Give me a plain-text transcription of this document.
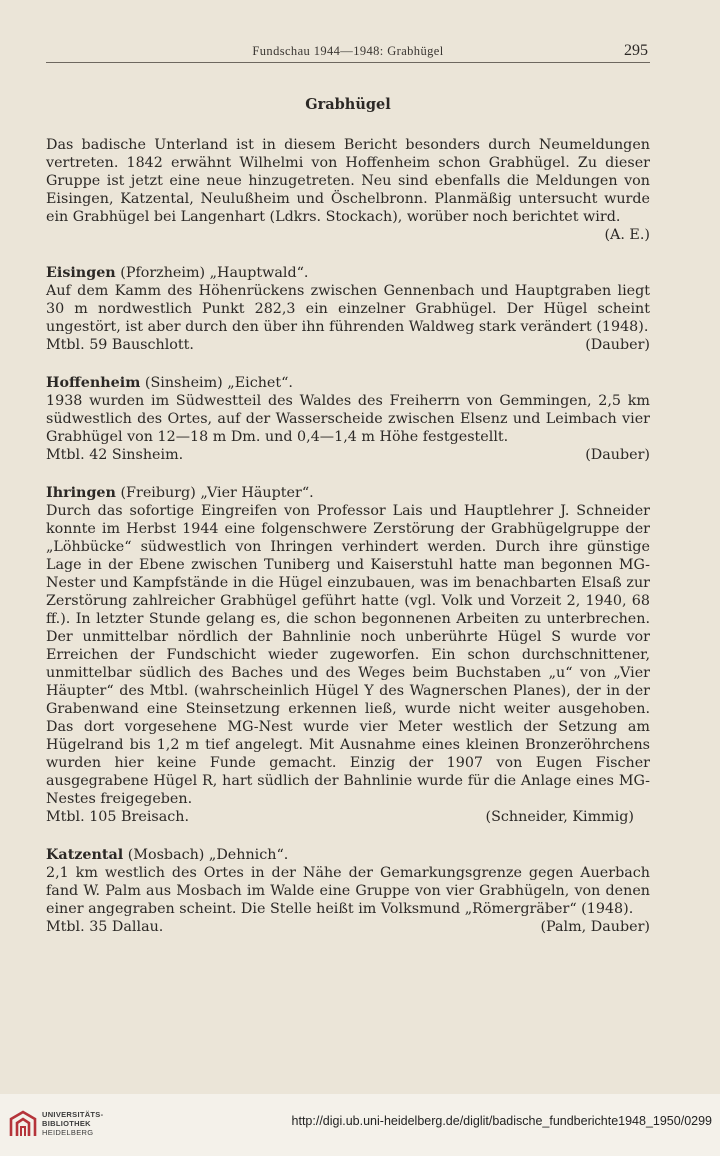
Fundschau 1944—1948: Grabhügel	295
Grabhügel

Das badische Unterland ist in diesem Bericht besonders durch Neumeldungen vertreten. 1842 erwähnt Wilhelmi von Hoffenheim schon Grabhügel. Zu dieser Gruppe ist jetzt eine neue hinzugetreten. Neu sind ebenfalls die Meldungen von Eisingen, Katzental, Neulußheim und Öschelbronn. Planmäßig untersucht wurde ein Grabhügel bei Langenhart (Ldkrs. Stockach), worüber noch berichtet wird.

(A. E.)
Eisingen (Pforzheim) „Hauptwald“.

Auf dem Kamm des Höhenrückens zwischen Gennenbach und Hauptgraben liegt 30 m nordwestlich Punkt 282,3 ein einzelner Grabhügel. Der Hügel scheint ungestört, ist aber durch den über ihn führenden Waldweg stark verändert (1948).

Mtbl. 59 Bauschlott.	(Dauber)
Hoffenheim (Sinsheim) „Eichet“.

1938 wurden im Südwestteil des Waldes des Freiherrn von Gemmingen, 2,5 km südwestlich des Ortes, auf der Wasserscheide zwischen Elsenz und Leimbach vier Grabhügel von 12—18 m Dm. und 0,4—1,4 m Höhe festgestellt.

Mtbl. 42 Sinsheim.	(Dauber)
Ihringen (Freiburg) „Vier Häupter“.

Durch das sofortige Eingreifen von Professor Lais und Hauptlehrer J. Schneider konnte im Herbst 1944 eine folgenschwere Zerstörung der Grabhügelgruppe der „Löhbücke“ südwestlich von Ihringen verhindert werden. Durch ihre günstige Lage in der Ebene zwischen Tuniberg und Kaiserstuhl hatte man begonnen MG-Nester und Kampfstände in die Hügel einzubauen, was im benachbarten Elsaß zur Zerstörung zahlreicher Grabhügel geführt hatte (vgl. Volk und Vorzeit 2, 1940, 68 ff.). In letzter Stunde gelang es, die schon begonnenen Arbeiten zu unterbrechen. Der unmittelbar nördlich der Bahnlinie noch unberührte Hügel S wurde vor Erreichen der Fundschicht wieder zugeworfen. Ein schon durchschnittener, unmittelbar südlich des Baches und des Weges beim Buchstaben „u“ von „Vier Häupter“ des Mtbl. (wahrscheinlich Hügel Y des Wagnerschen Planes), der in der Grabenwand eine Steinsetzung erkennen ließ, wurde nicht weiter ausgehoben. Das dort vorgesehene MG-Nest wurde vier Meter westlich der Setzung am Hügelrand bis 1,2 m tief angelegt. Mit Ausnahme eines kleinen Bronzeröhrchens wurden hier keine Funde gemacht. Einzig der 1907 von Eugen Fischer ausgegrabene Hügel R, hart südlich der Bahnlinie wurde für die Anlage eines MG-Nestes freigegeben.

Mtbl. 105 Breisach.	(Schneider, Kimmig)
Katzental (Mosbach) „Dehnich“.

2,1 km westlich des Ortes in der Nähe der Gemarkungsgrenze gegen Auerbach fand W. Palm aus Mosbach im Walde eine Gruppe von vier Grabhügeln, von denen einer angegraben scheint. Die Stelle heißt im Volksmund „Römergräber“ (1948).

Mtbl. 35 Dallau.	(Palm, Dauber)
UNIVERSITÄTS-
BIBLIOTHEK
HEIDELBERG
http://digi.ub.uni-heidelberg.de/diglit/badische_fundberichte1948_1950/0299
